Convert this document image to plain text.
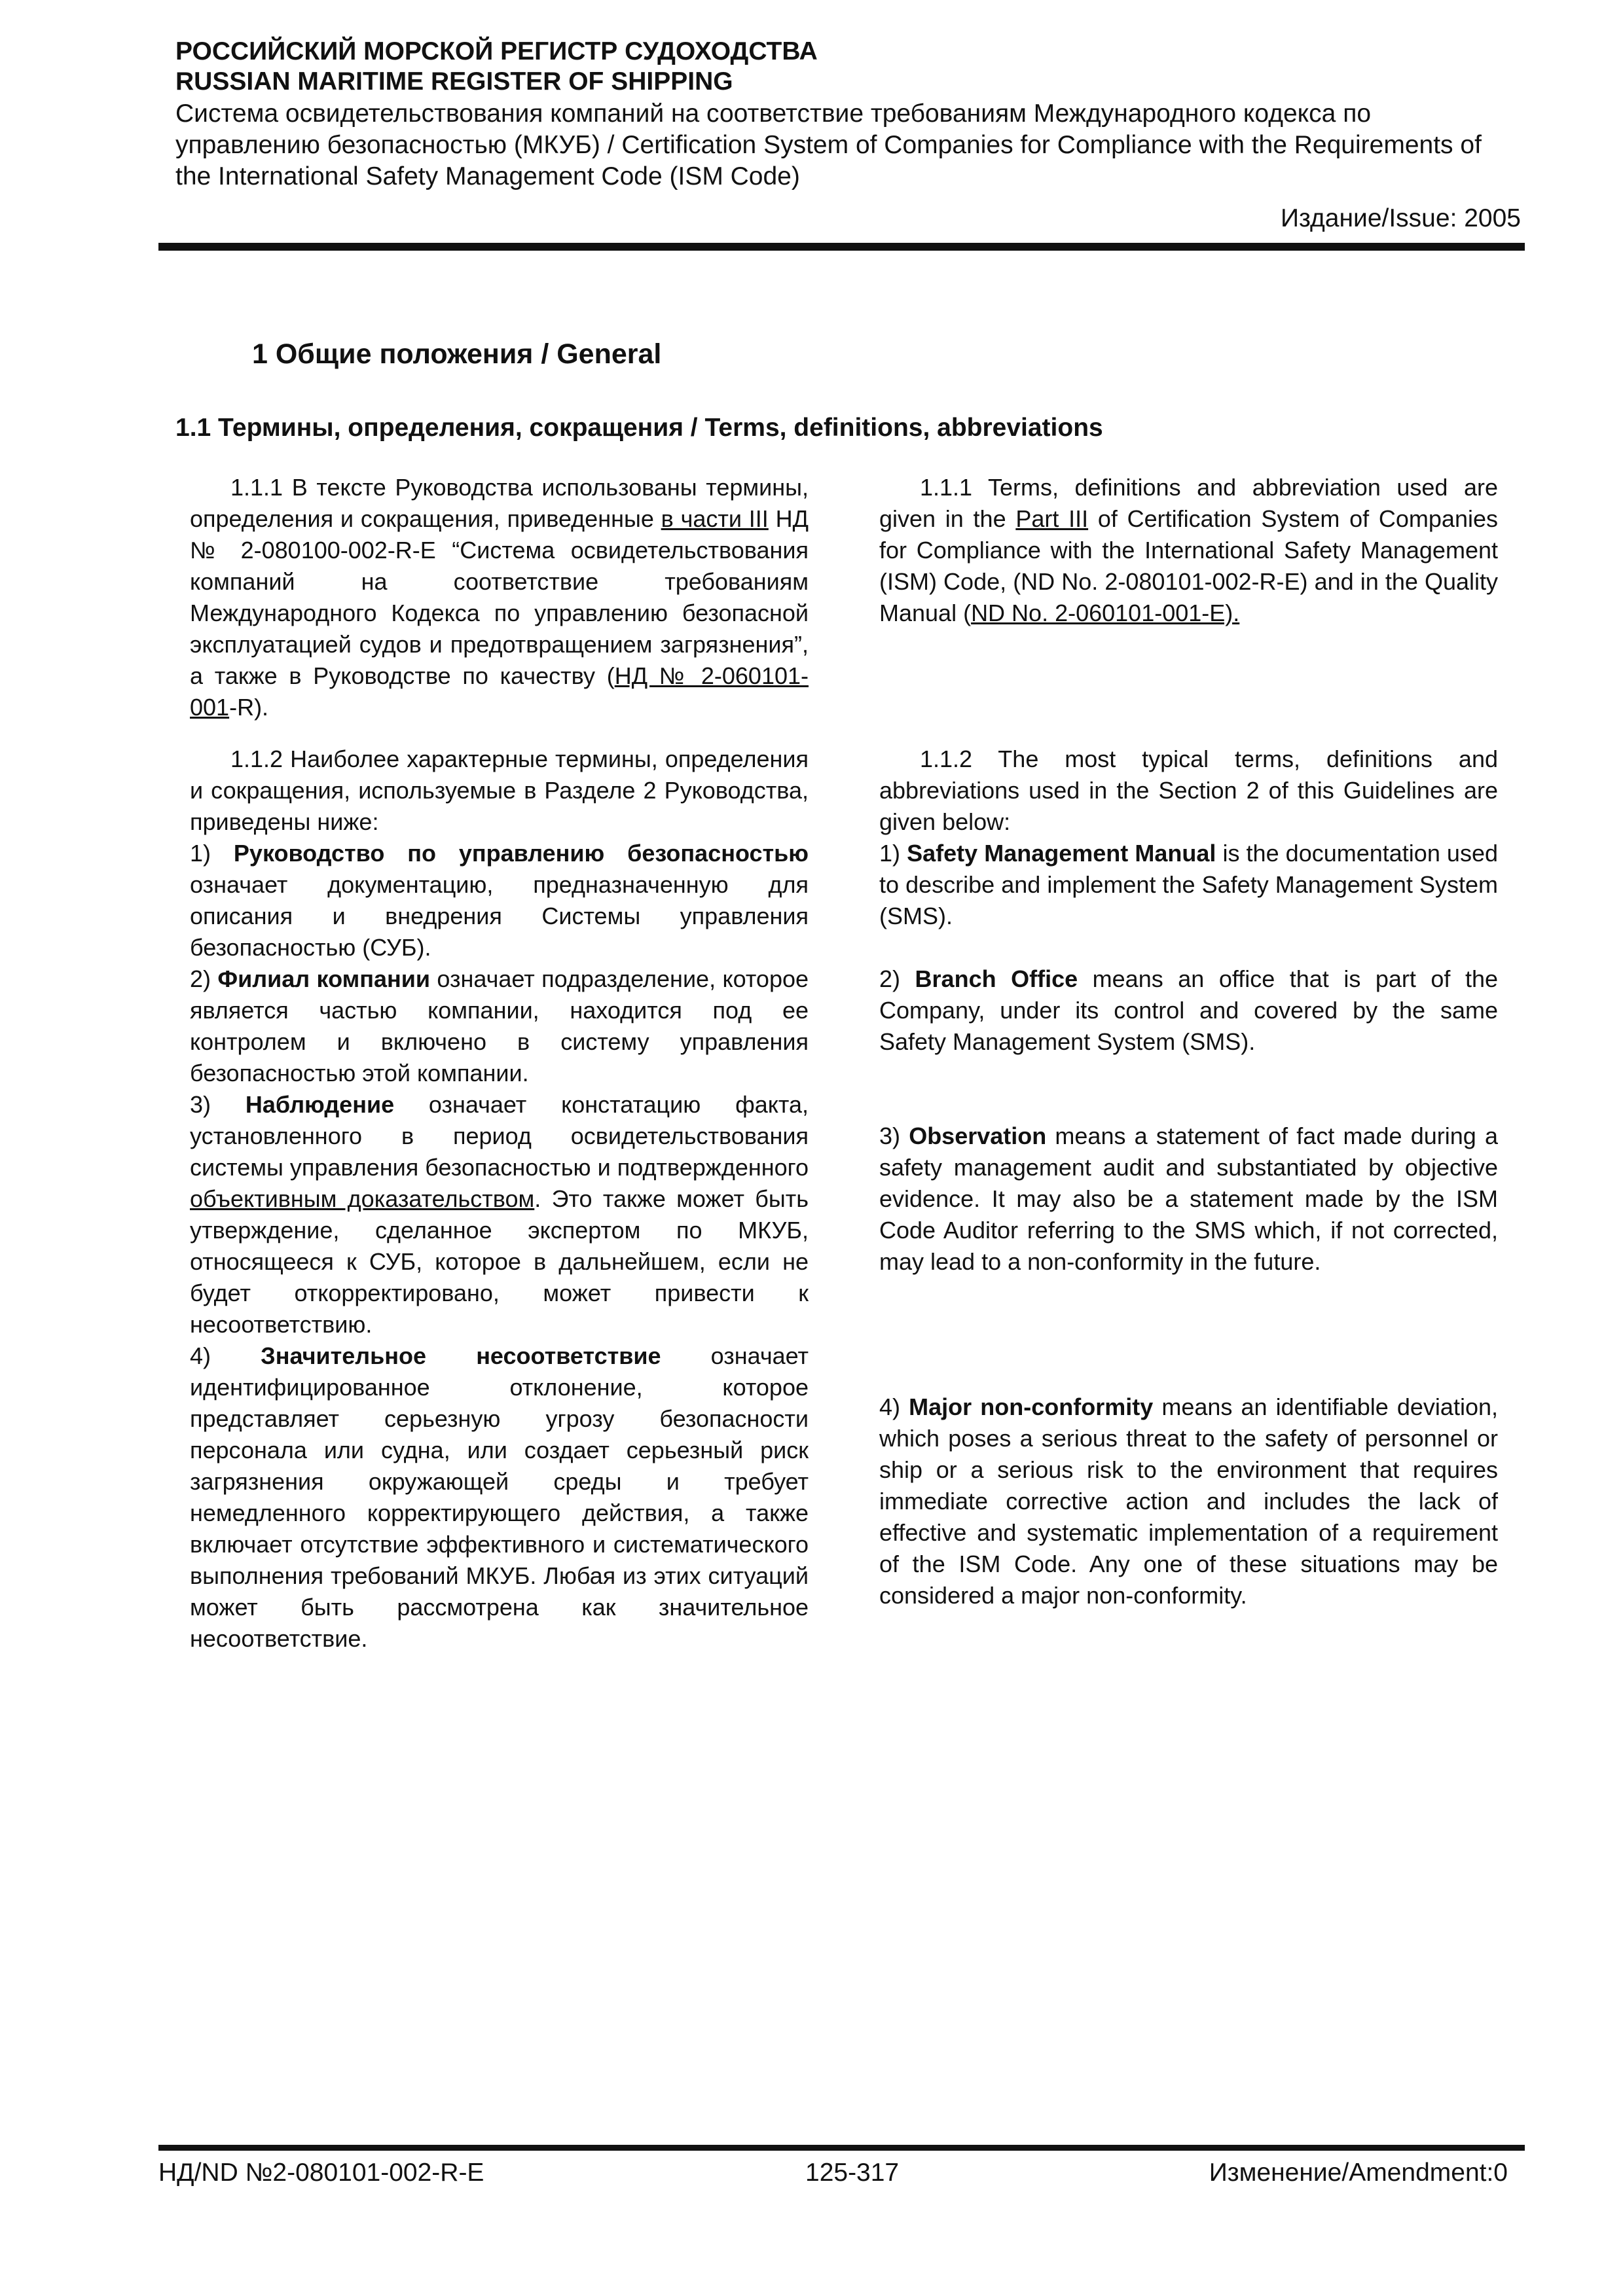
РОССИЙСКИЙ МОРСКОЙ РЕГИСТР СУДОХОДСТВА
RUSSIAN MARITIME REGISTER OF SHIPPING
Система освидетельствования компаний на соответствие требованиям Международного кодекса по управлению безопасностью (МКУБ) / Certification System of Companies for Compliance with the Requirements of the International Safety Management Code (ISM Code)
Издание/Issue: 2005
1 Общие положения / General
1.1 Термины, определения, сокращения / Terms, definitions, abbreviations

1.1.1 В тексте Руководства использованы термины, определения и сокращения, приведенные в части III НД № 2-080100-002-R-E “Система освидетельствования компаний на соответствие требованиям Международного Кодекса по управлению безопасной эксплуатацией судов и предотвращением загрязнения”, а также в Руководстве по качеству (НД № 2-060101-001-R).

1.1.2 Наиболее характерные термины, определения и сокращения, используемые в Разделе 2 Руководства, приведены ниже:

1) Руководство по управлению безопасностью означает документацию, предназначенную для описания и внедрения Системы управления безопасностью (СУБ).

2) Филиал компании означает подразделение, которое является частью компании, находится под ее контролем и включено в систему управления безопасностью этой компании.

3) Наблюдение означает констатацию факта, установленного в период освидетельствования системы управления безопасностью и подтвержденного объективным доказательством. Это также может быть утверждение, сделанное экспертом по МКУБ, относящееся к СУБ, которое в дальнейшем, если не будет откорректировано, может привести к несоответствию.

4) Значительное несоответствие означает идентифицированное отклонение, которое представляет серьезную угрозу безопасности персонала или судна, или создает серьезный риск загрязнения окружающей среды и требует немедленного корректирующего действия, а также включает отсутствие эффективного и систематического выполнения требований МКУБ. Любая из этих ситуаций может быть рассмотрена как значительное несоответствие.

1.1.1 Terms, definitions and abbreviation used are given in the Part III of Certification System of Companies for Compliance with the International Safety Management (ISM) Code, (ND No. 2-080101-002-R-E) and in the Quality Manual (ND No. 2-060101-001-E).

1.1.2 The most typical terms, definitions and abbreviations used in the Section 2 of this Guidelines are given below:

1) Safety Management Manual is the documentation used to describe and implement the Safety Management System (SMS).

2) Branch Office means an office that is part of the Company, under its control and covered by the same Safety Management System (SMS).

3) Observation means a statement of fact made during a safety management audit and substantiated by objective evidence. It may also be a statement made by the ISM Code Auditor referring to the SMS which, if not corrected, may lead to a non-conformity in the future.

4) Major non-conformity means an identifiable deviation, which poses a serious threat to the safety of personnel or ship or a serious risk to the environment that requires immediate corrective action and includes the lack of effective and systematic implementation of a requirement of the ISM Code. Any one of these situations may be considered a major non-conformity.

НД/ND №2-080101-002-R-E	125-317	Изменение/Amendment:0
